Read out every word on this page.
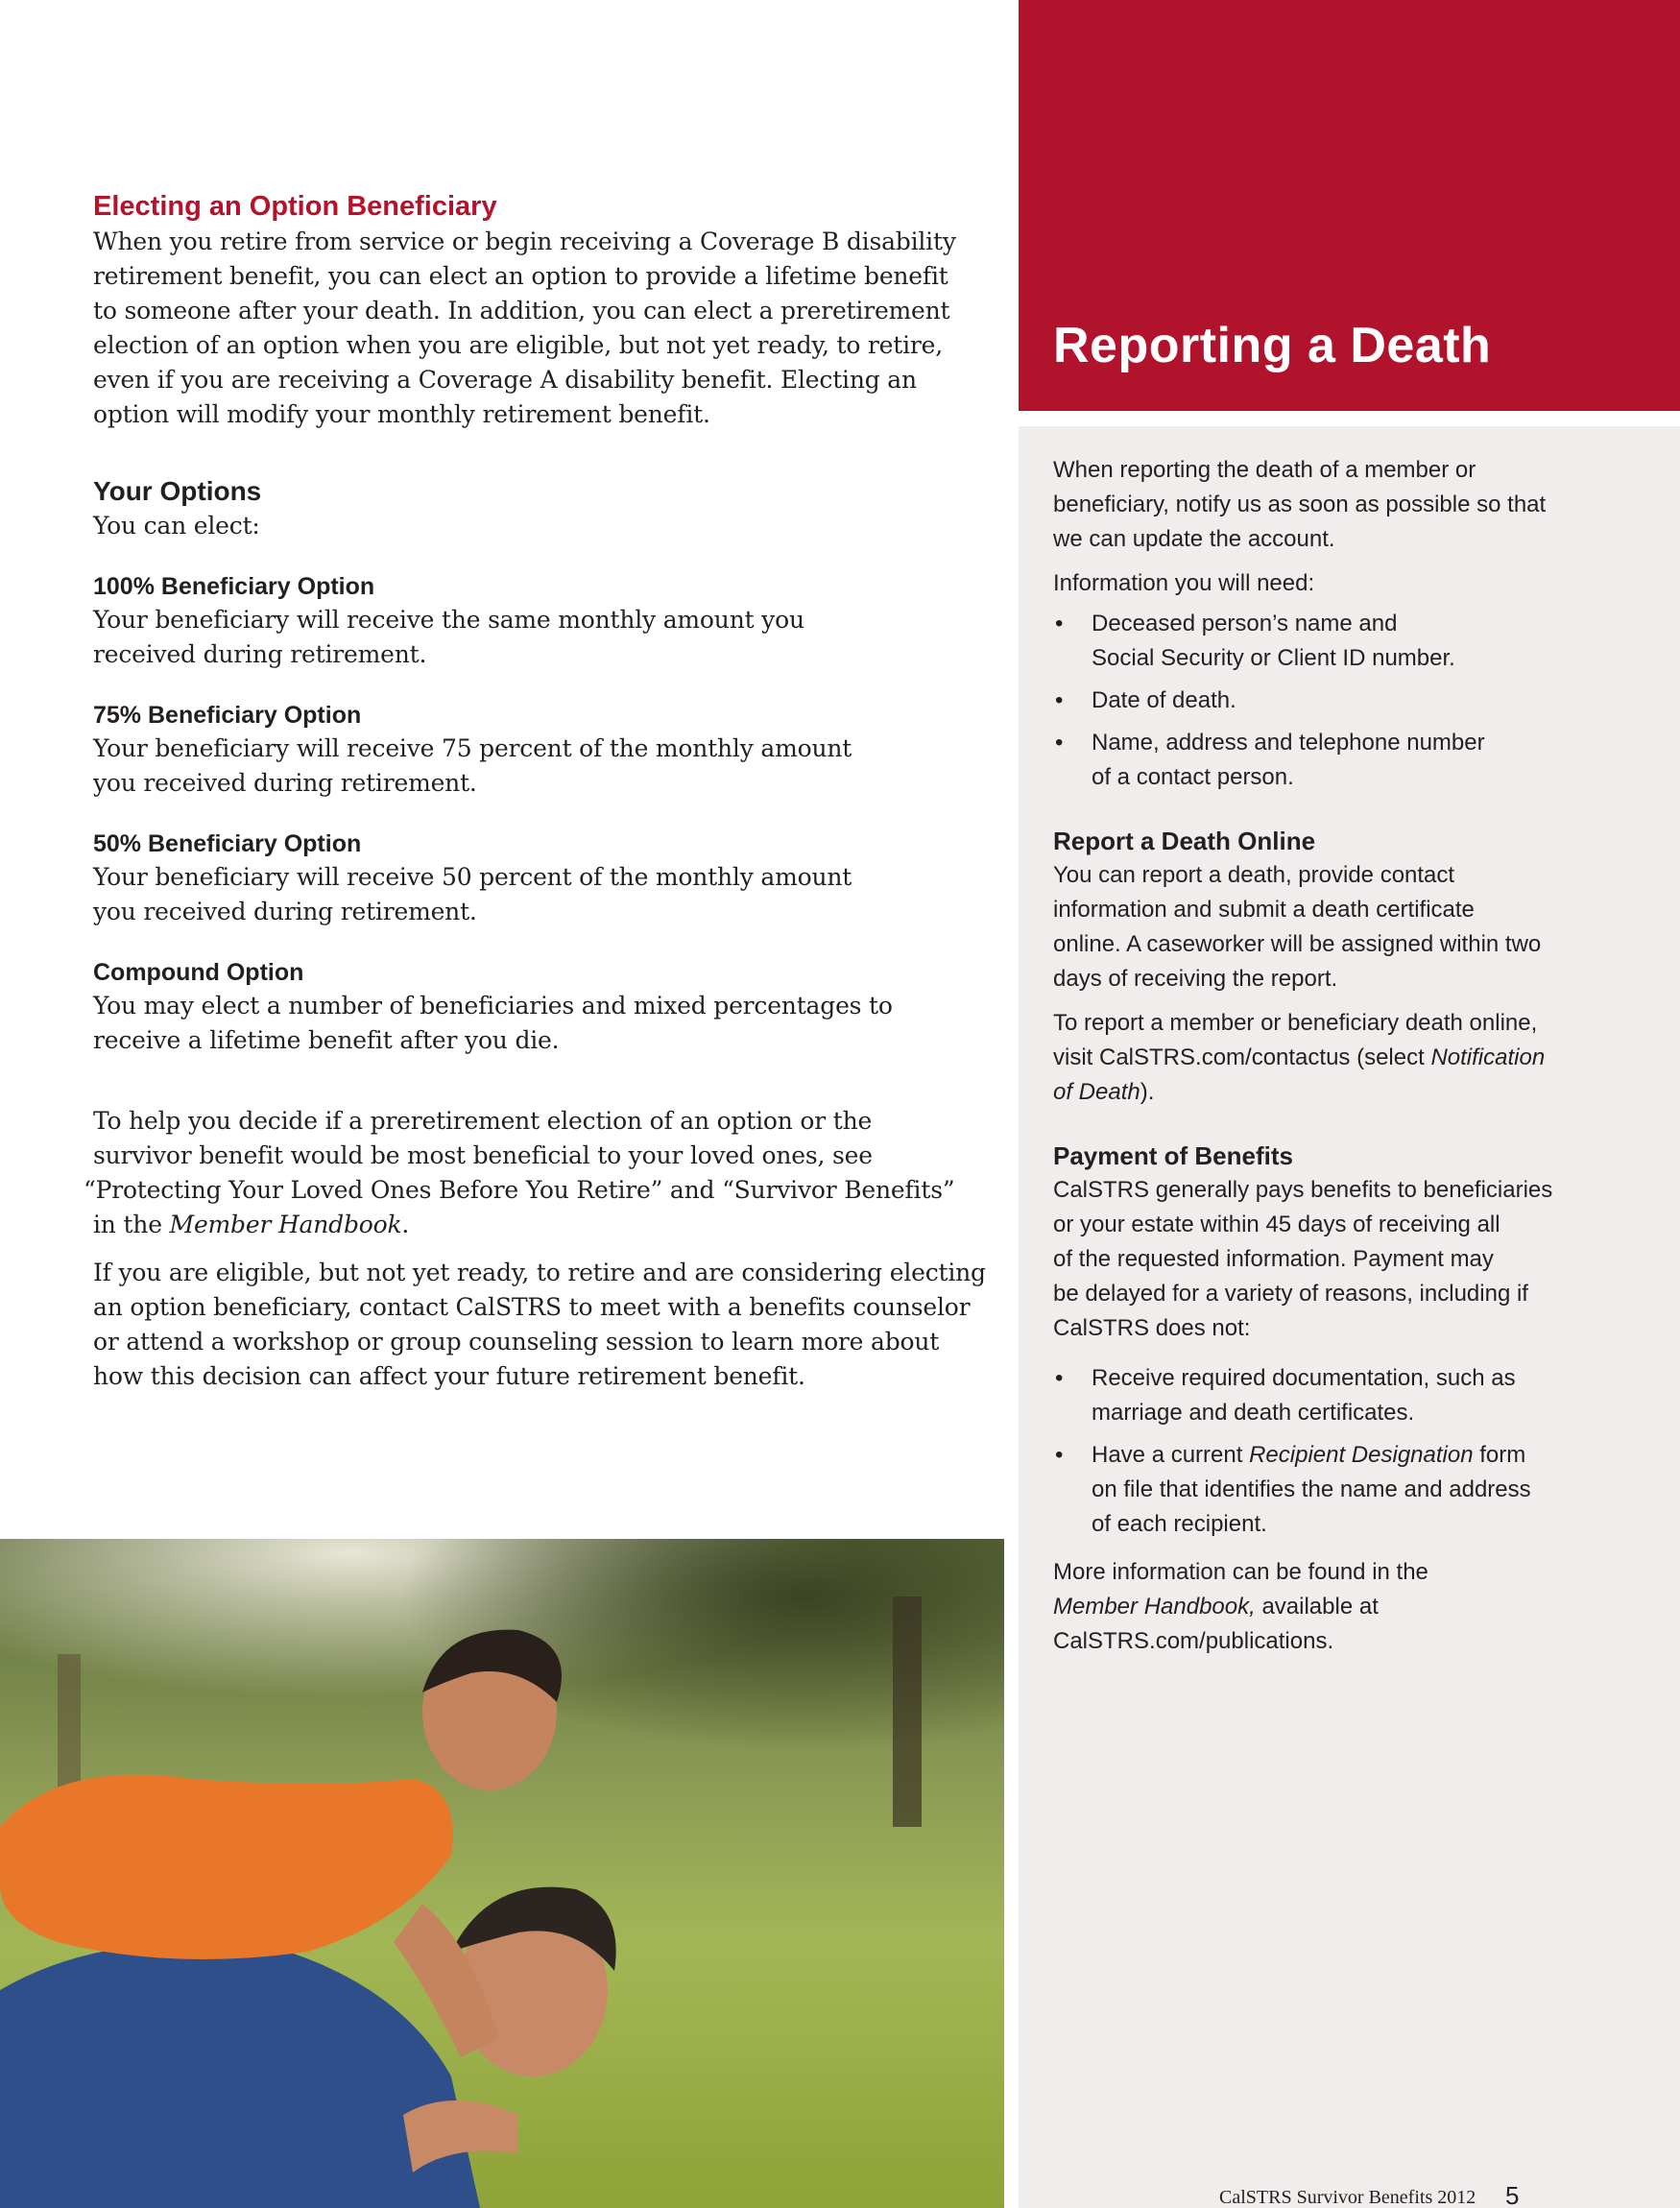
Electing an Option Beneficiary

When you retire from service or begin receiving a Coverage B disability
retirement benefit, you can elect an option to provide a lifetime benefit
to someone after your death. In addition, you can elect a preretirement
election of an option when you are eligible, but not yet ready, to retire,
even if you are receiving a Coverage A disability benefit. Electing an
option will modify your monthly retirement benefit.

Your Options

You can elect:

100% Beneficiary Option

Your beneficiary will receive the same monthly amount you
received during retirement.

75% Beneficiary Option

Your beneficiary will receive 75 percent of the monthly amount
you received during retirement.

50% Beneficiary Option

Your beneficiary will receive 50 percent of the monthly amount
you received during retirement.

Compound Option

You may elect a number of beneficiaries and mixed percentages to
receive a lifetime benefit after you die.

To help you decide if a preretirement election of an option or the
survivor benefit would be most beneficial to your loved ones, see
“Protecting Your Loved Ones Before You Retire” and “Survivor Benefits”
in the Member Handbook.

If you are eligible, but not yet ready, to retire and are considering electing
an option beneficiary, contact CalSTRS to meet with a benefits counselor
or attend a workshop or group counseling session to learn more about
how this decision can affect your future retirement benefit.

Reporting a Death

When reporting the death of a member or
beneficiary, notify us as soon as possible so that
we can update the account.

Information you will need:

• Deceased person’s name and
Social Security or Client ID number.
• Date of death.
• Name, address and telephone number
of a contact person.
Report a Death Online

You can report a death, provide contact
information and submit a death certificate
online. A caseworker will be assigned within two
days of receiving the report.

To report a member or beneficiary death online,
visit CalSTRS.com/contactus (select Notification
of Death).

Payment of Benefits

CalSTRS generally pays benefits to beneficiaries
or your estate within 45 days of receiving all
of the requested information. Payment may
be delayed for a variety of reasons, including if
CalSTRS does not:

• Receive required documentation, such as
marriage and death certificates.
• Have a current Recipient Designation form
on file that identifies the name and address
of each recipient.

More information can be found in the
Member Handbook, available at
CalSTRS.com/publications.

CalSTRS Survivor Benefits 2012 5
